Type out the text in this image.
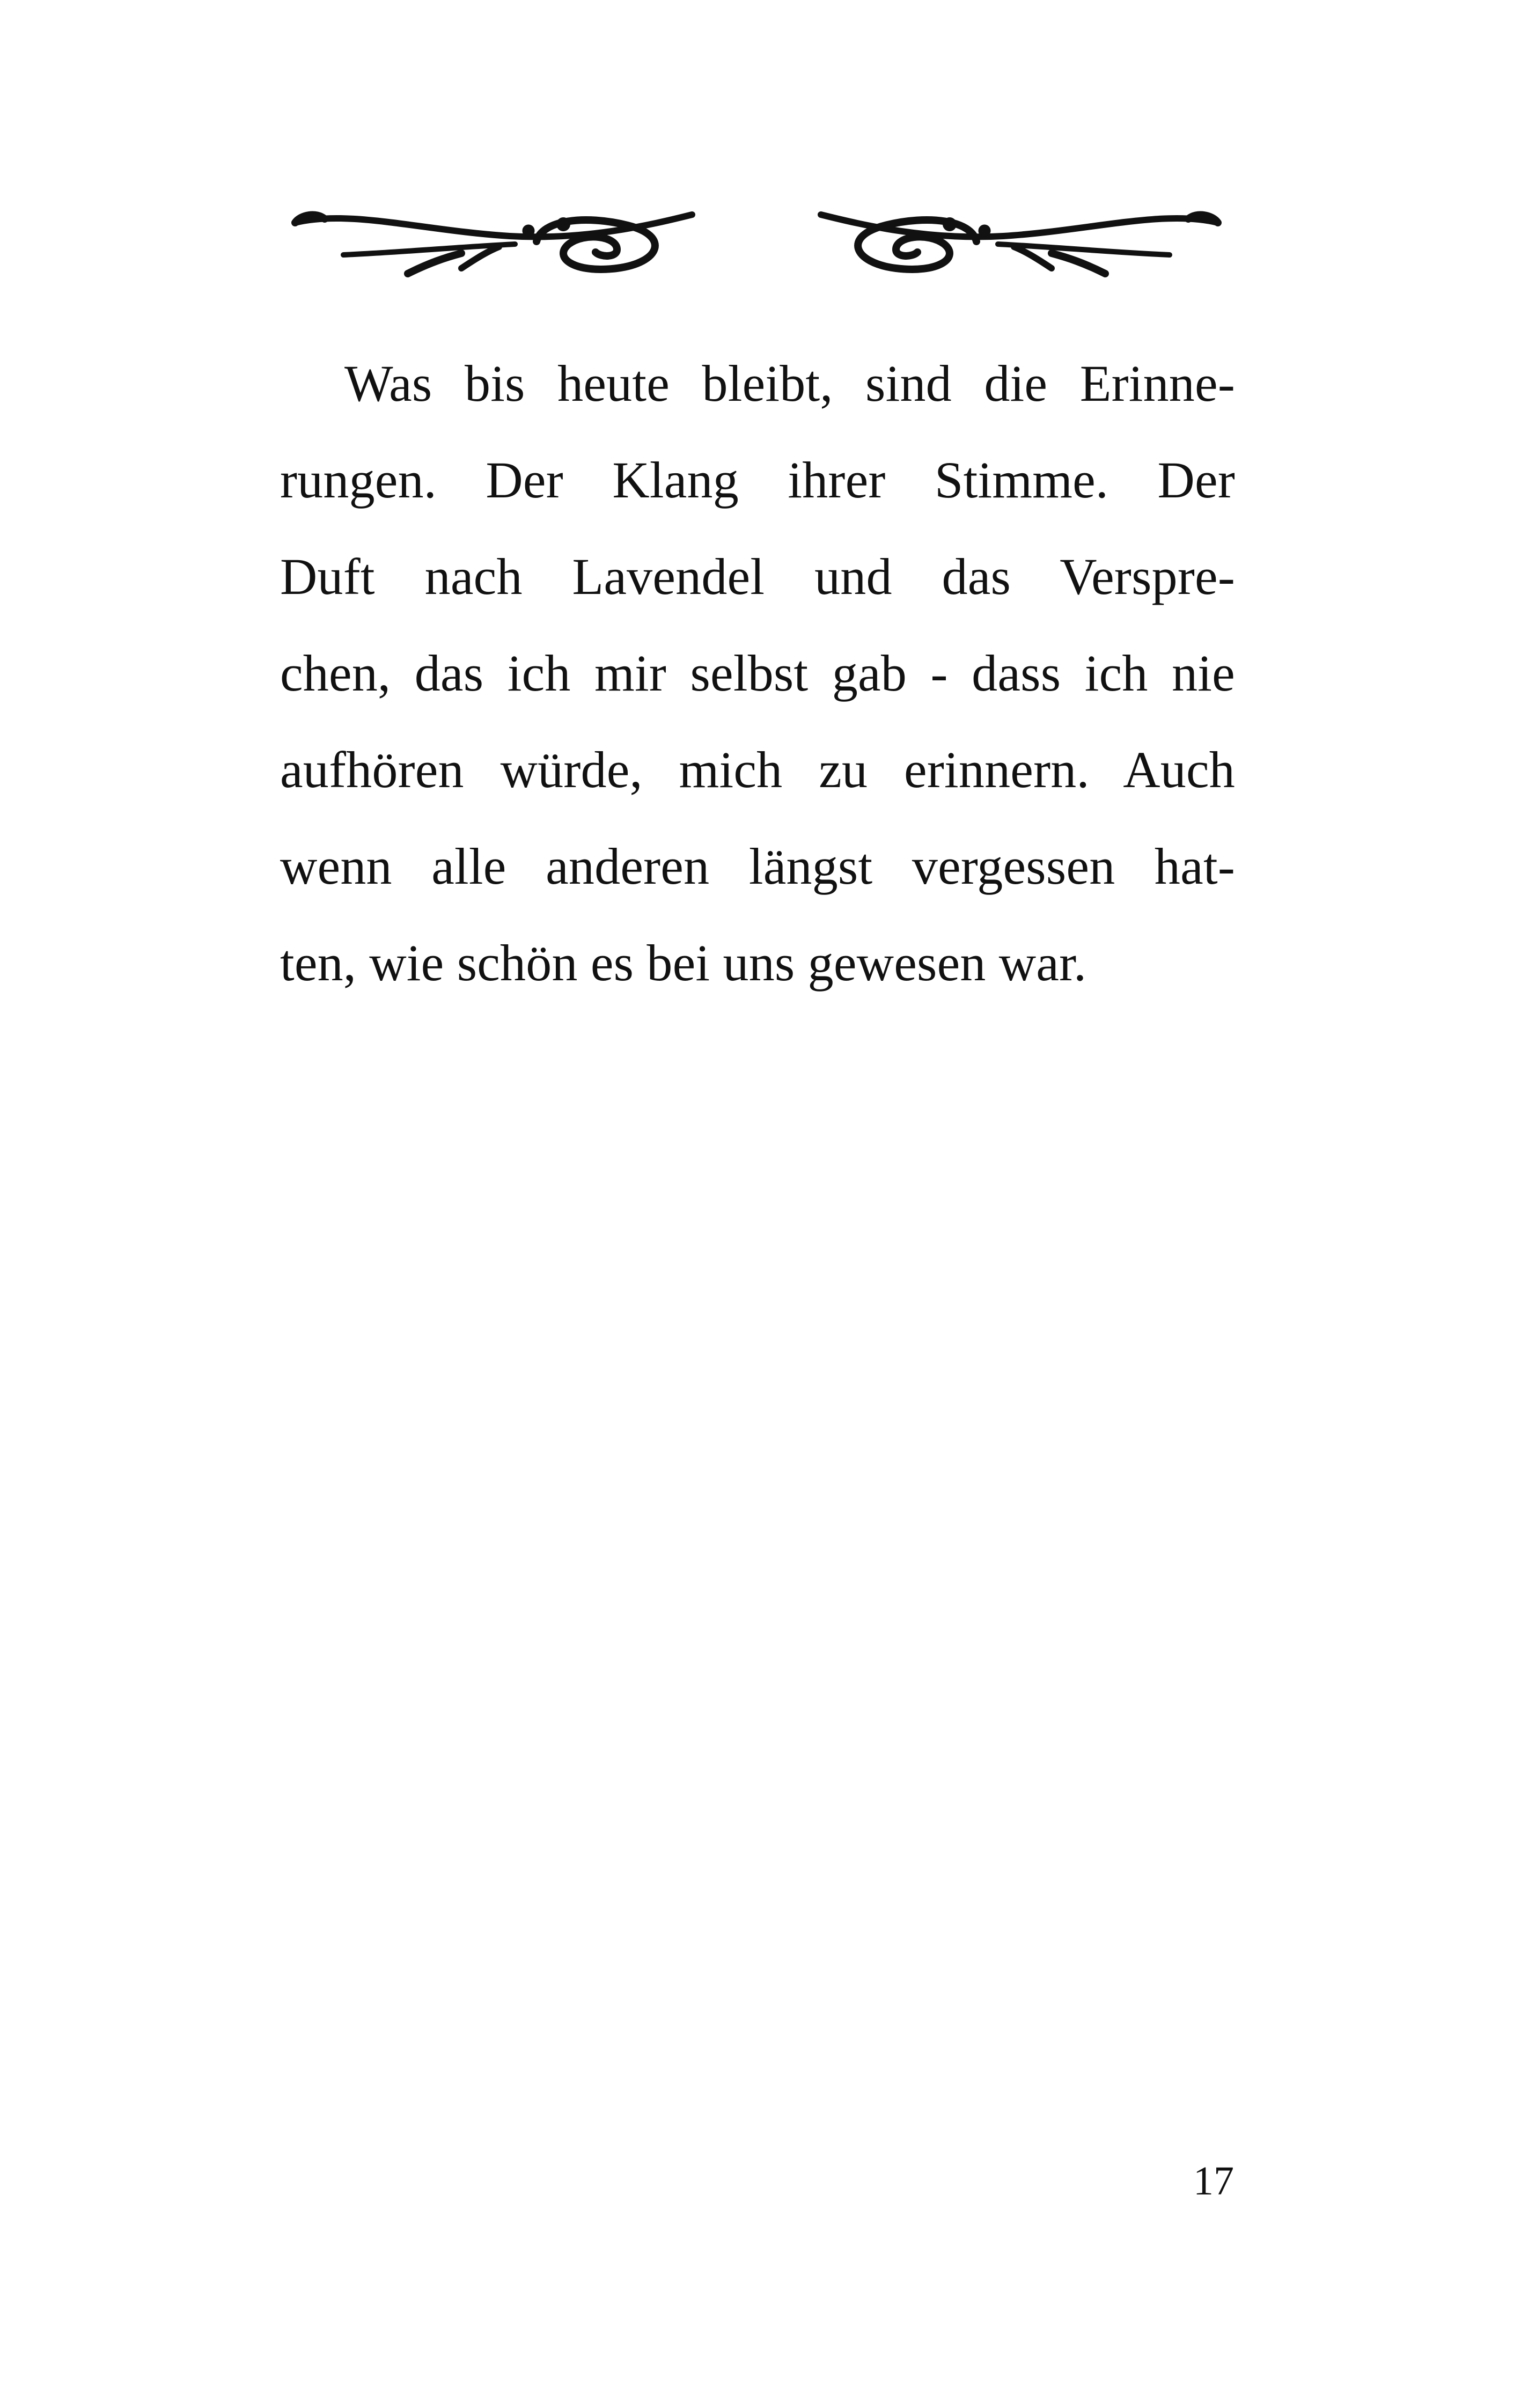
Was bis heute bleibt, sind die Erinne-
rungen. Der Klang ihrer Stimme. Der
Duft nach Lavendel und das Verspre-
chen, das ich mir selbst gab - dass ich nie
aufhören würde, mich zu erinnern. Auch
wenn alle anderen längst vergessen hat-
ten, wie schön es bei uns gewesen war.
17
